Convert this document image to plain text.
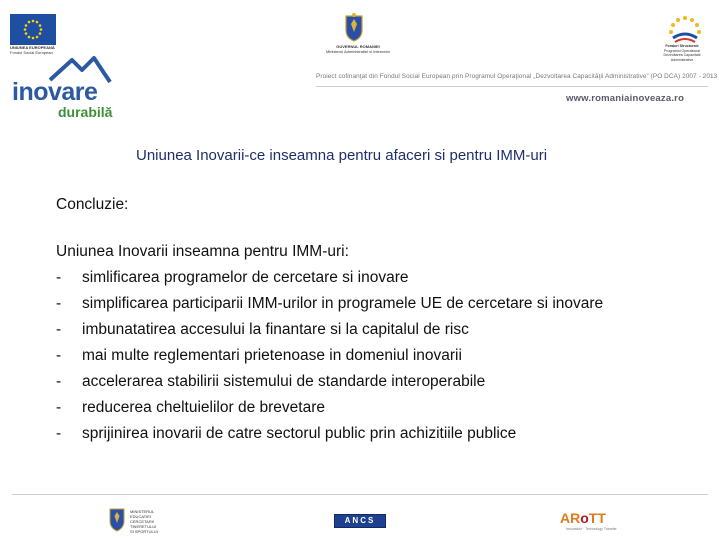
UNIUNEA EUROPEANĂ
Fondul Social European
GUVERNUL ROMANIEI
Ministerul Administratiei si Internelor
Fonduri Structurale
Programul Operational
Dezvoltarea Capacitatii
Administrative
inovare
durabilă
Proiect cofinanţat din Fondul Social European prin Programul Operaţional „Dezvoltarea Capacităţii Administrative” (PO DCA) 2007 - 2013
www.romaniainoveaza.ro
Uniunea Inovarii-ce inseamna pentru afaceri si pentru IMM-uri
Concluzie:
Uniunea Inovarii inseamna pentru IMM-uri:
-	simlificarea programelor de cercetare si inovare
-	simplificarea participarii IMM-urilor in programele UE de cercetare si inovare
-	imbunatatirea accesului la finantare si la capitalul de risc
-	mai multe reglementari prietenoase in domeniul inovarii
-	accelerarea stabilirii sistemului de standarde interoperabile
-	reducerea cheltuielilor de brevetare
-	sprijinirea inovarii de catre sectorul public prin achizitiile publice
MINISTERUL
EDUCATIEI
CERCETARII
TINERETULUI
SI SPORTULUI
ANCS	ARoTT
Innovation · Technology Transfer
